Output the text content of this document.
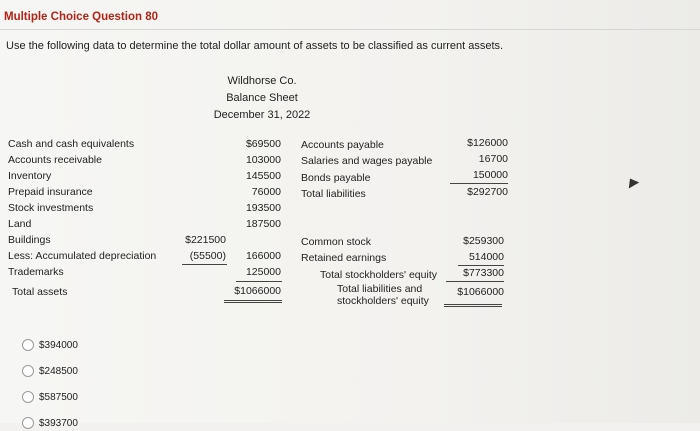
Multiple Choice Question 80
Use the following data to determine the total dollar amount of assets to be classified as current assets.
Wildhorse Co.
Balance Sheet
December 31, 2022
Cash and cash equivalents
Accounts receivable
Inventory
Prepaid insurance
Stock investments
Land
Buildings
Less: Accumulated depreciation
Trademarks
Total assets
$221500
(55500)
$69500
103000
145500
76000
193500
187500
166000
125000
$1066000
Accounts payable
Salaries and wages payable
Bonds payable
Total liabilities
$126000
16700
150000
$292700
Common stock
Retained earnings
Total stockholders' equity
Total liabilities and
stockholders' equity
$259300
514000
$773300
$1066000
$394000
$248500
$587500
$393700
